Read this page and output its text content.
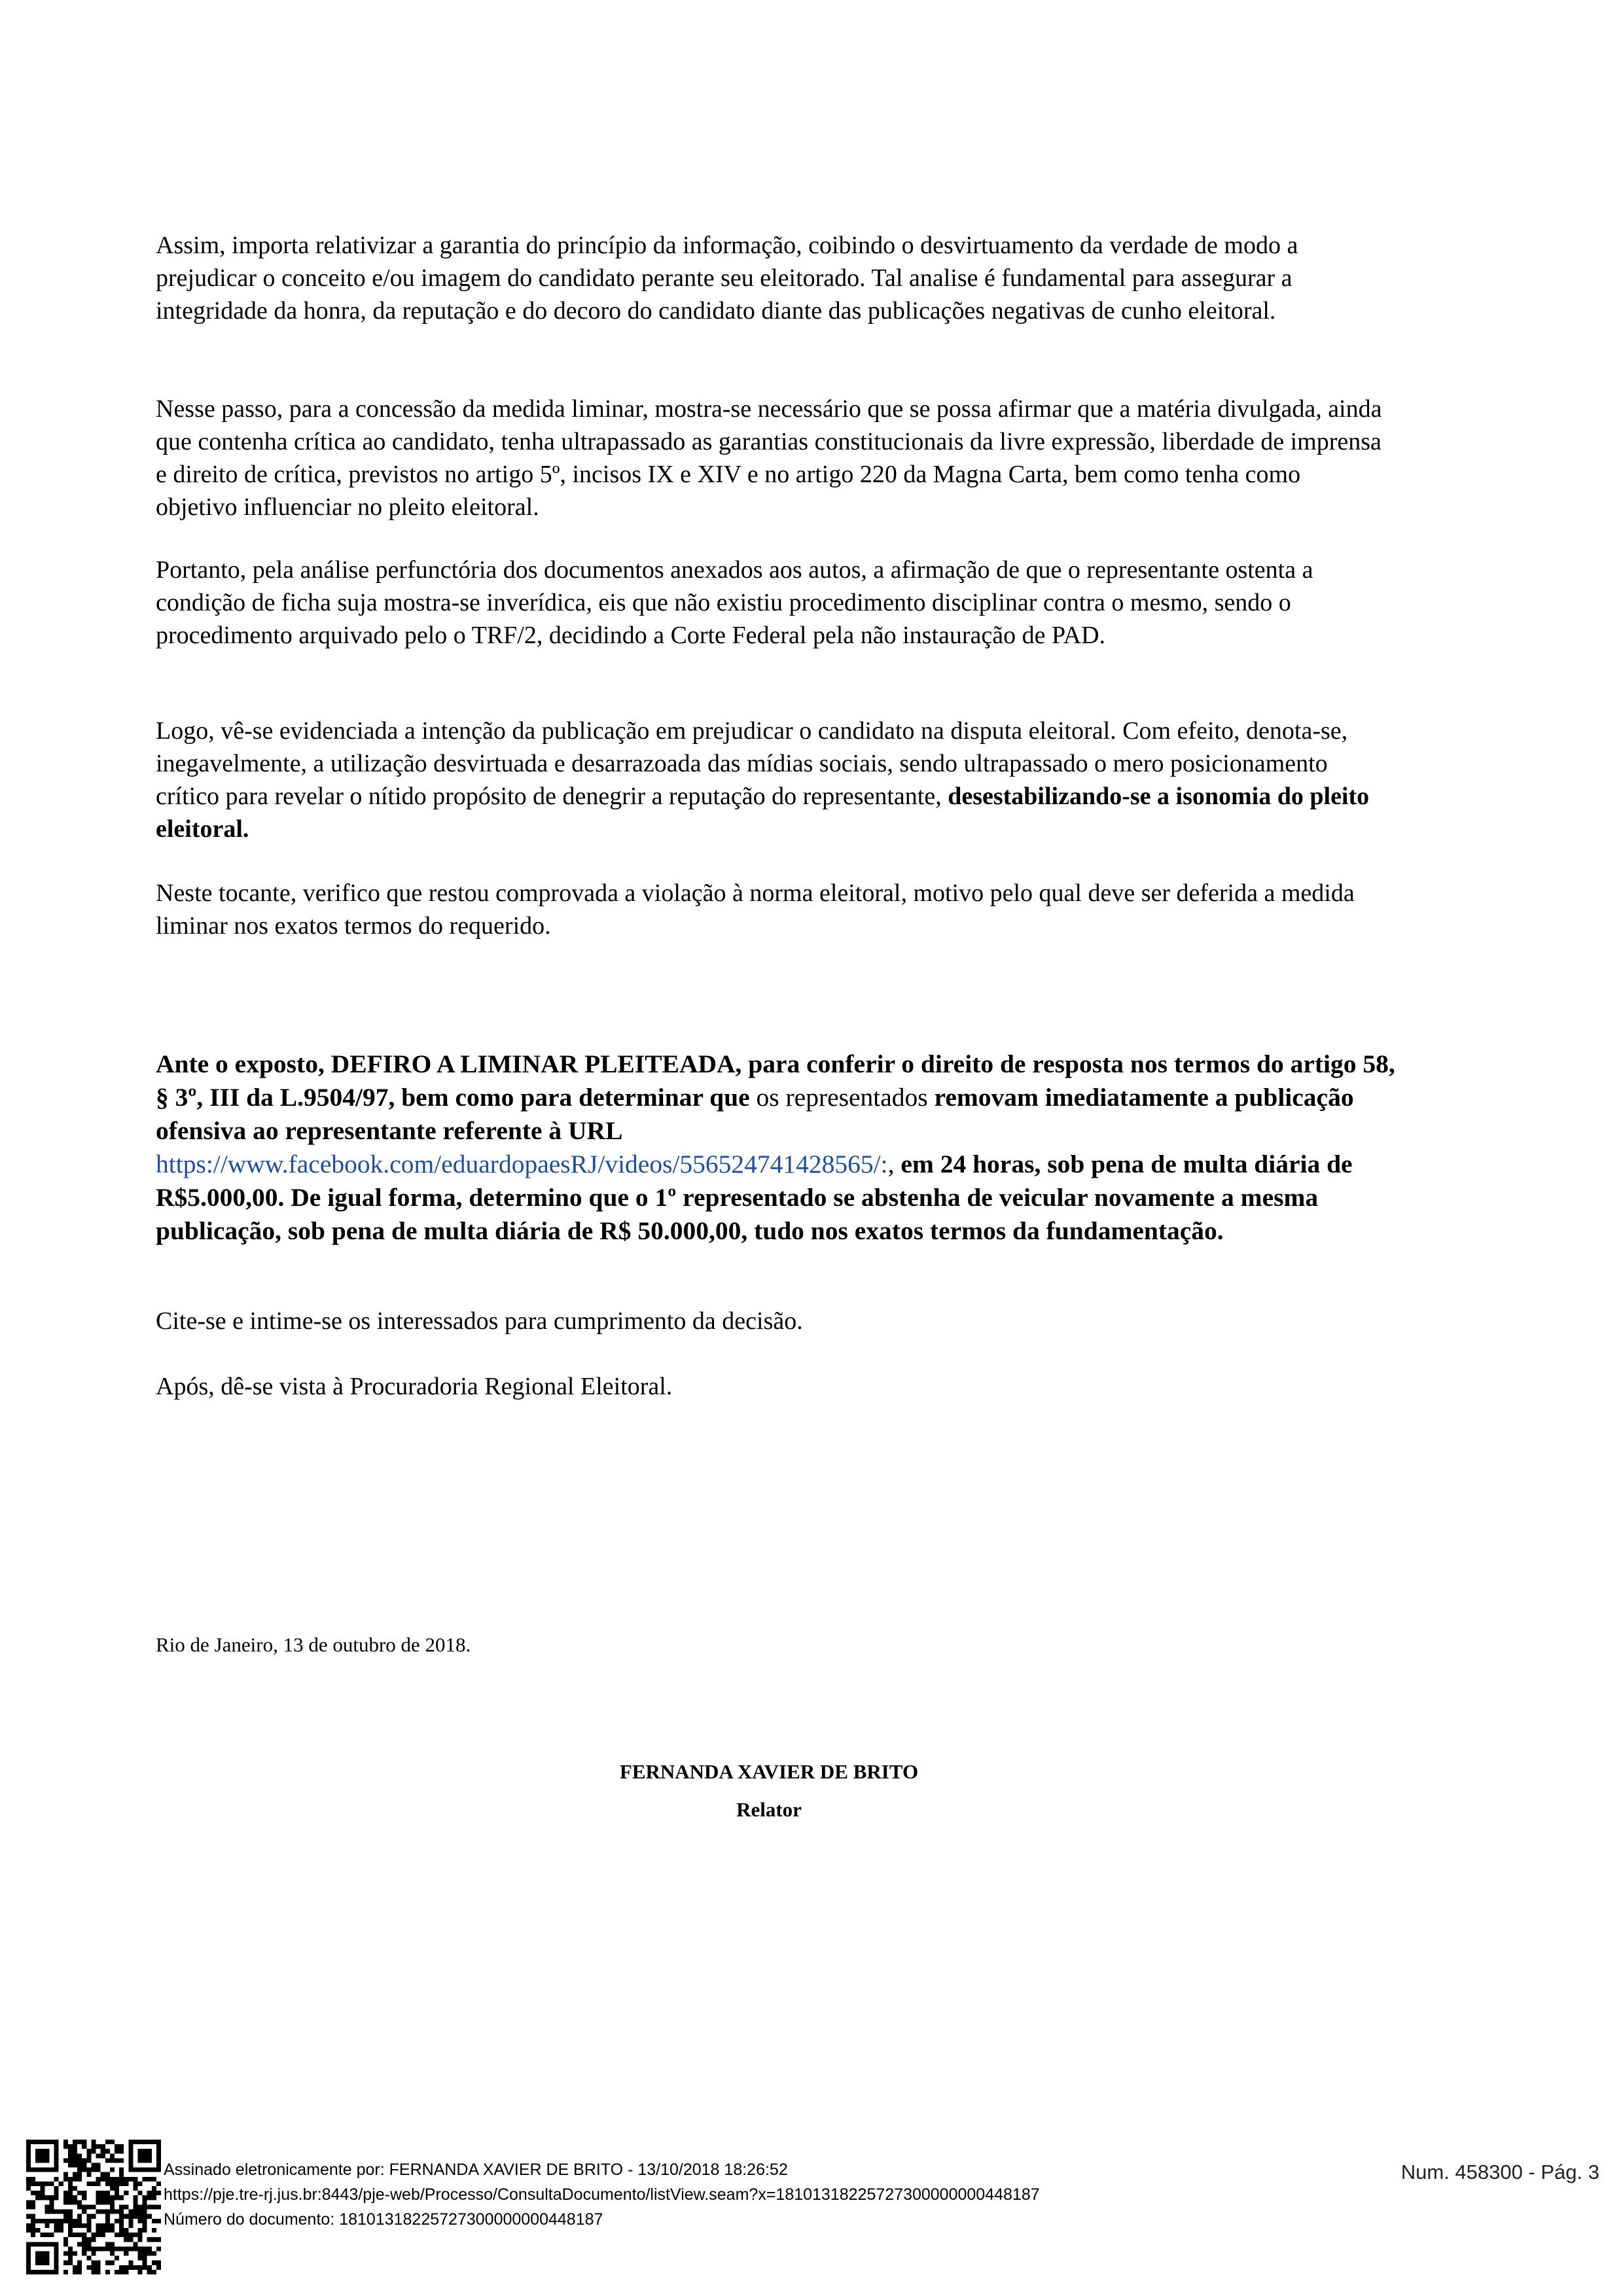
Assim, importa relativizar a garantia do princípio da informação, coibindo o desvirtuamento da verdade de modo a prejudicar o conceito e/ou imagem do candidato perante seu eleitorado. Tal analise é fundamental para assegurar a integridade da honra, da reputação e do decoro do candidato diante das publicações negativas de cunho eleitoral.

Nesse passo, para a concessão da medida liminar, mostra-se necessário que se possa afirmar que a matéria divulgada, ainda que contenha crítica ao candidato, tenha ultrapassado as garantias constitucionais da livre expressão, liberdade de imprensa e direito de crítica, previstos no artigo 5º, incisos IX e XIV e no artigo 220 da Magna Carta, bem como tenha como objetivo influenciar no pleito eleitoral.

Portanto, pela análise perfunctória dos documentos anexados aos autos, a afirmação de que o representante ostenta a condição de ficha suja mostra-se inverídica, eis que não existiu procedimento disciplinar contra o mesmo, sendo o procedimento arquivado pelo o TRF/2, decidindo a Corte Federal pela não instauração de PAD.

Logo, vê-se evidenciada a intenção da publicação em prejudicar o candidato na disputa eleitoral. Com efeito, denota-se, inegavelmente, a utilização desvirtuada e desarrazoada das mídias sociais, sendo ultrapassado o mero posicionamento crítico para revelar o nítido propósito de denegrir a reputação do representante, desestabilizando-se a isonomia do pleito eleitoral.

Neste tocante, verifico que restou comprovada a violação à norma eleitoral, motivo pelo qual deve ser deferida a medida liminar nos exatos termos do requerido.

Ante o exposto, DEFIRO A LIMINAR PLEITEADA, para conferir o direito de resposta nos termos do artigo 58, § 3º, III da L.9504/97, bem como para determinar que os representados removam imediatamente a publicação ofensiva ao representante referente à URL
https://www.facebook.com/eduardopaesRJ/videos/556524741428565/:, em 24 horas, sob pena de multa diária de R$5.000,00. De igual forma, determino que o 1º representado se abstenha de veicular novamente a mesma publicação, sob pena de multa diária de R$ 50.000,00, tudo nos exatos termos da fundamentação.

Cite-se e intime-se os interessados para cumprimento da decisão.

Após, dê-se vista à Procuradoria Regional Eleitoral.

Rio de Janeiro, 13 de outubro de 2018.

FERNANDA XAVIER DE BRITO

Relator

Assinado eletronicamente por: FERNANDA XAVIER DE BRITO - 13/10/2018 18:26:52

https://pje.tre-rj.jus.br:8443/pje-web/Processo/ConsultaDocumento/listView.seam?x=18101318225727300000000448187

Número do documento: 18101318225727300000000448187

Num. 458300 - Pág. 3
